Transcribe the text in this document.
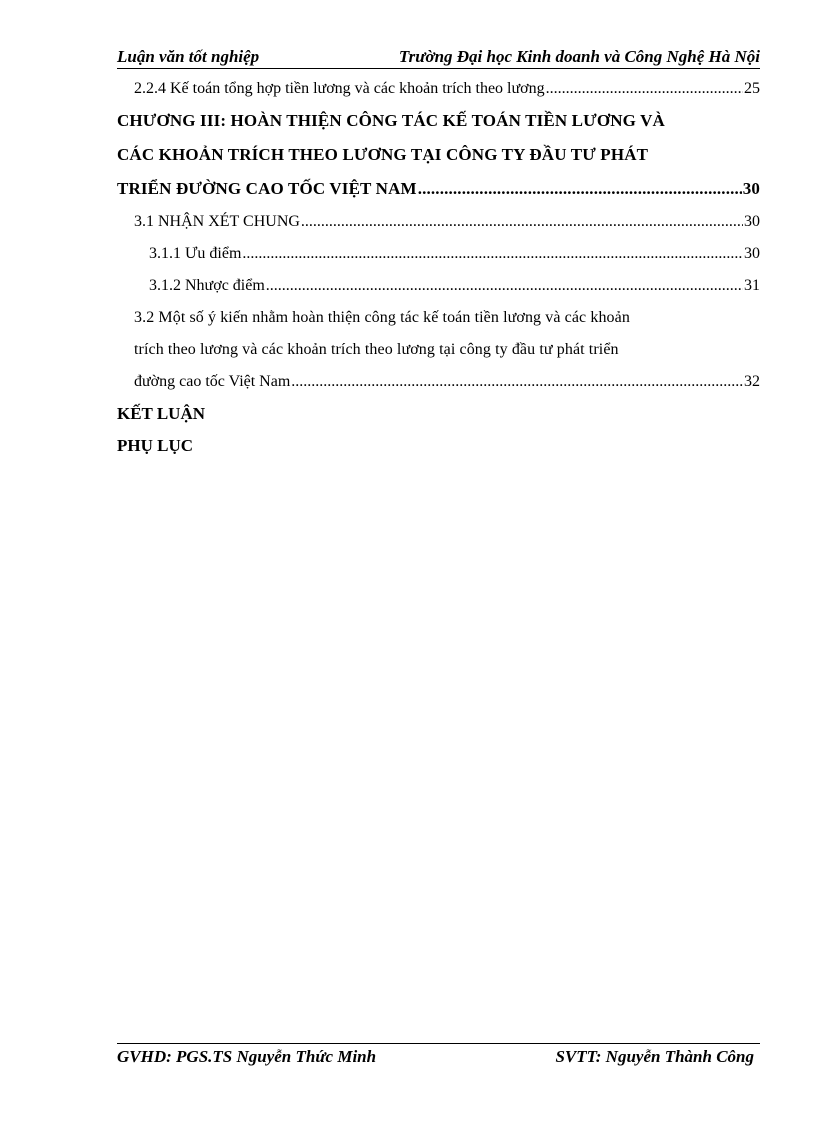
Luận văn tốt nghiệp	Trường Đại học Kinh doanh và Công Nghệ Hà Nội
2.2.4 Kế toán tổng hợp tiền lương và các khoản trích theo lương .....	25
CHƯƠNG III: HOÀN THIỆN CÔNG TÁC KẾ TOÁN TIỀN LƯƠNG VÀ
CÁC KHOẢN TRÍCH THEO LƯƠNG TẠI CÔNG TY ĐẦU TƯ PHÁT
TRIỂN ĐƯỜNG CAO TỐC VIỆT NAM .....	30
3.1 NHẬN XÉT CHUNG .....	30
3.1.1 Ưu điểm .....	30
3.1.2 Nhược điểm .....	31
3.2 Một số ý kiến nhằm hoàn thiện công tác kế toán tiền lương và các khoản
trích theo lương và các khoản trích theo lương tại công ty đầu tư phát triển
đường cao tốc Việt Nam .....	32
KẾT LUẬN
PHỤ LỤC
GVHD: PGS.TS Nguyễn Thức Minh	SVTT: Nguyễn Thành Công
